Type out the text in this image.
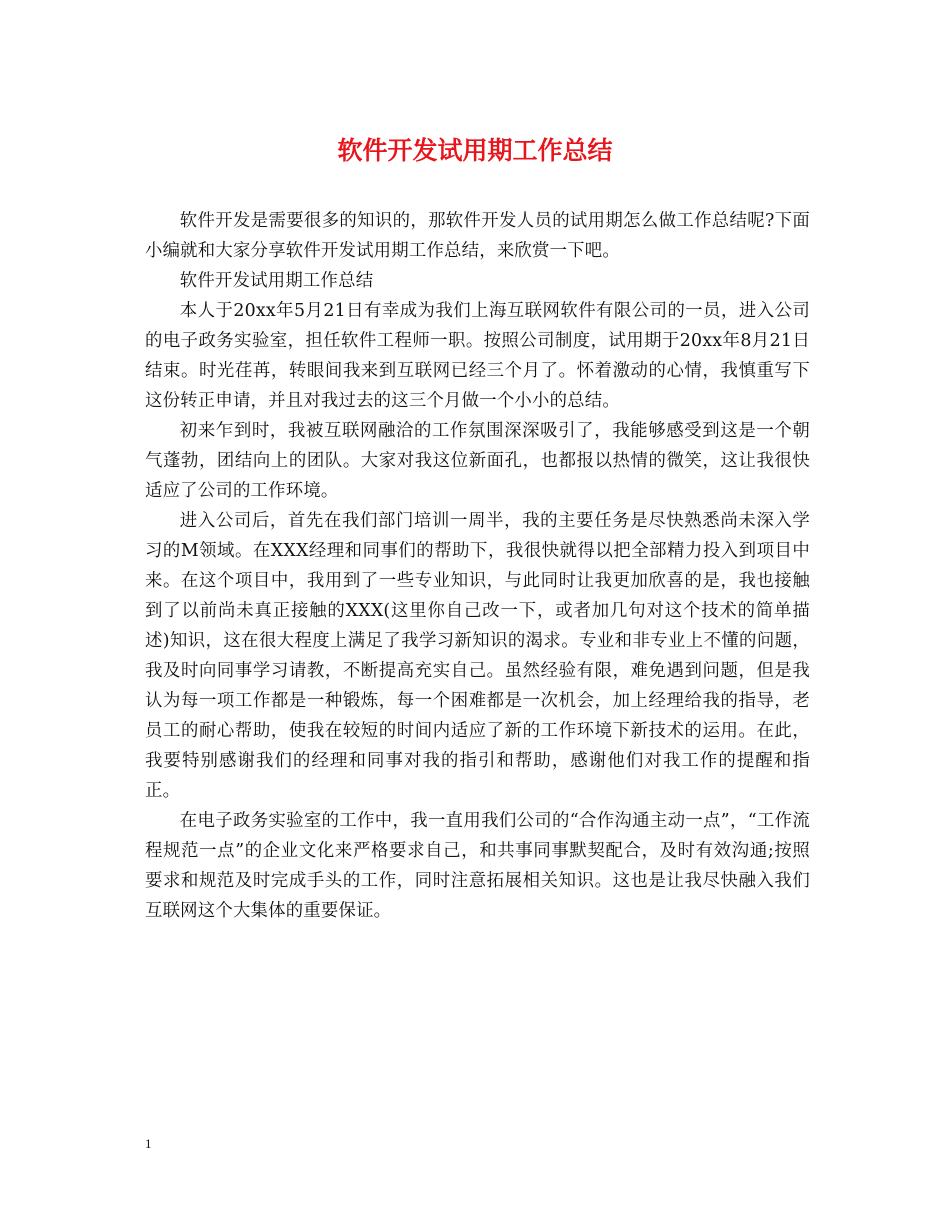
软件开发试用期工作总结

软件开发是需要很多的知识的，那软件开发人员的试用期怎么做工作总结呢?下面小编就和大家分享软件开发试用期工作总结，来欣赏一下吧。

软件开发试用期工作总结

本人于20xx年5月21日有幸成为我们上海互联网软件有限公司的一员，进入公司的电子政务实验室，担任软件工程师一职。按照公司制度，试用期于20xx年8月21日结束。时光荏苒，转眼间我来到互联网已经三个月了。怀着激动的心情，我慎重写下这份转正申请，并且对我过去的这三个月做一个小小的总结。

初来乍到时，我被互联网融洽的工作氛围深深吸引了，我能够感受到这是一个朝气蓬勃，团结向上的团队。大家对我这位新面孔，也都报以热情的微笑，这让我很快适应了公司的工作环境。

进入公司后，首先在我们部门培训一周半，我的主要任务是尽快熟悉尚未深入学习的M领域。在XXX经理和同事们的帮助下，我很快就得以把全部精力投入到项目中来。在这个项目中，我用到了一些专业知识，与此同时让我更加欣喜的是，我也接触到了以前尚未真正接触的XXX(这里你自己改一下，或者加几句对这个技术的简单描述)知识，这在很大程度上满足了我学习新知识的渴求。专业和非专业上不懂的问题，我及时向同事学习请教，不断提高充实自己。虽然经验有限，难免遇到问题，但是我认为每一项工作都是一种锻炼，每一个困难都是一次机会，加上经理给我的指导，老员工的耐心帮助，使我在较短的时间内适应了新的工作环境下新技术的运用。在此，我要特别感谢我们的经理和同事对我的指引和帮助，感谢他们对我工作的提醒和指正。

在电子政务实验室的工作中，我一直用我们公司的“合作沟通主动一点”，“工作流程规范一点”的企业文化来严格要求自己，和共事同事默契配合，及时有效沟通;按照要求和规范及时完成手头的工作，同时注意拓展相关知识。这也是让我尽快融入我们互联网这个大集体的重要保证。

1
